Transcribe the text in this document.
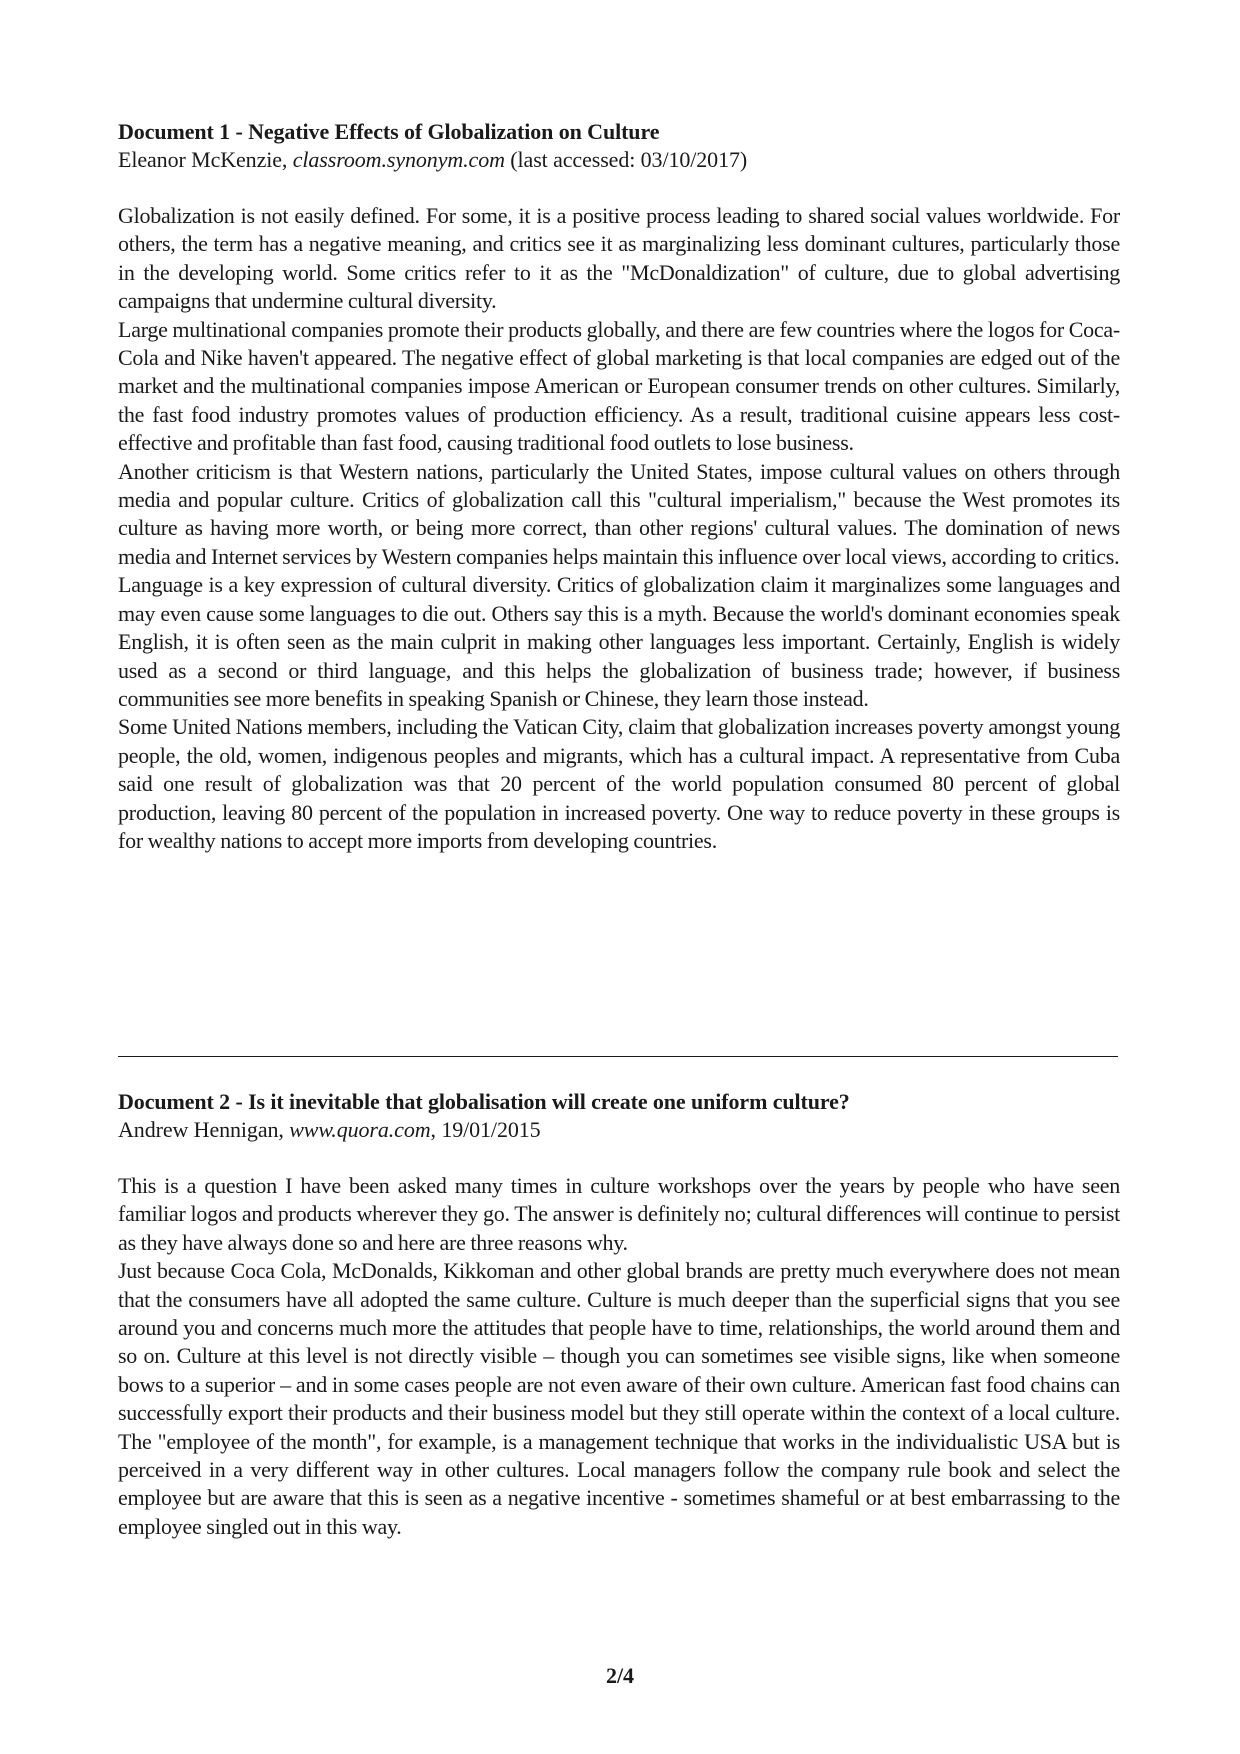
Document 1 - Negative Effects of Globalization on Culture

Eleanor McKenzie, classroom.synonym.com (last accessed: 03/10/2017)

Globalization is not easily defined. For some, it is a positive process leading to shared social values worldwide. For others, the term has a negative meaning, and critics see it as marginalizing less dominant cultures, particularly those in the developing world. Some critics refer to it as the "McDonaldization" of culture, due to global advertising campaigns that undermine cultural diversity.

Large multinational companies promote their products globally, and there are few countries where the logos for Coca-Cola and Nike haven't appeared. The negative effect of global marketing is that local companies are edged out of the market and the multinational companies impose American or European consumer trends on other cultures. Similarly, the fast food industry promotes values of production efficiency. As a result, traditional cuisine appears less cost-effective and profitable than fast food, causing traditional food outlets to lose business.

Another criticism is that Western nations, particularly the United States, impose cultural values on others through media and popular culture. Critics of globalization call this "cultural imperialism," because the West promotes its culture as having more worth, or being more correct, than other regions' cultural values. The domination of news media and Internet services by Western companies helps maintain this influence over local views, according to critics.

Language is a key expression of cultural diversity. Critics of globalization claim it marginalizes some languages and may even cause some languages to die out. Others say this is a myth. Because the world's dominant economies speak English, it is often seen as the main culprit in making other languages less important. Certainly, English is widely used as a second or third language, and this helps the globalization of business trade; however, if business communities see more benefits in speaking Spanish or Chinese, they learn those instead.

Some United Nations members, including the Vatican City, claim that globalization increases poverty amongst young people, the old, women, indigenous peoples and migrants, which has a cultural impact. A representative from Cuba said one result of globalization was that 20 percent of the world population consumed 80 percent of global production, leaving 80 percent of the population in increased poverty. One way to reduce poverty in these groups is for wealthy nations to accept more imports from developing countries.

Document 2 - Is it inevitable that globalisation will create one uniform culture?

Andrew Hennigan, www.quora.com, 19/01/2015

This is a question I have been asked many times in culture workshops over the years by people who have seen familiar logos and products wherever they go. The answer is definitely no; cultural differences will continue to persist as they have always done so and here are three reasons why.

Just because Coca Cola, McDonalds, Kikkoman and other global brands are pretty much everywhere does not mean that the consumers have all adopted the same culture. Culture is much deeper than the superficial signs that you see around you and concerns much more the attitudes that people have to time, relationships, the world around them and so on. Culture at this level is not directly visible – though you can sometimes see visible signs, like when someone bows to a superior – and in some cases people are not even aware of their own culture. American fast food chains can successfully export their products and their business model but they still operate within the context of a local culture. The "employee of the month", for example, is a management technique that works in the individualistic USA but is perceived in a very different way in other cultures. Local managers follow the company rule book and select the employee but are aware that this is seen as a negative incentive - sometimes shameful or at best embarrassing to the employee singled out in this way.

2/4
